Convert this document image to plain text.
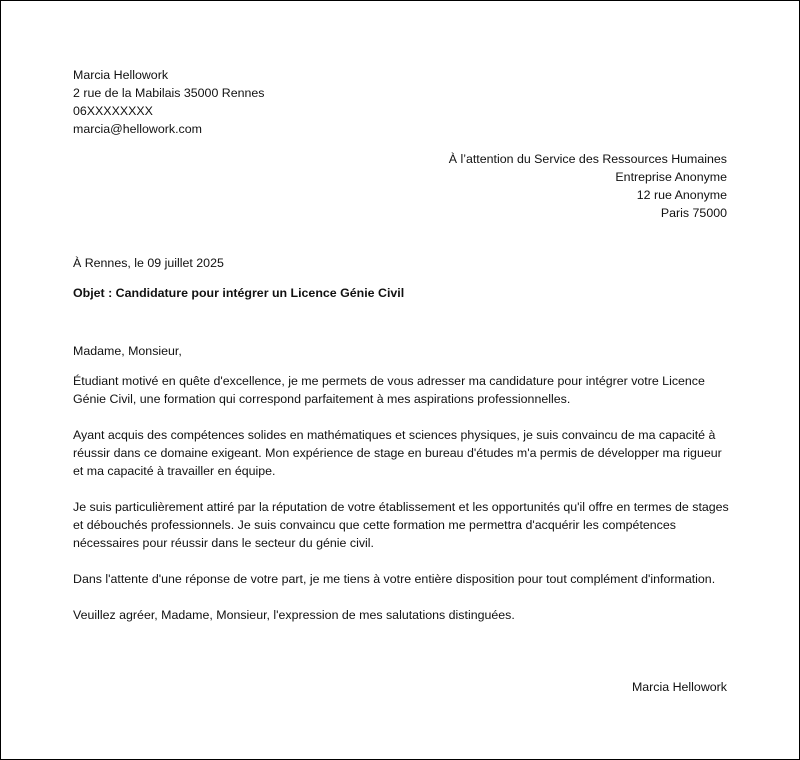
Marcia Hellowork
2 rue de la Mabilais 35000 Rennes
06XXXXXXXX
marcia@hellowork.com
À l’attention du Service des Ressources Humaines
Entreprise Anonyme
12 rue Anonyme
Paris 75000
À Rennes, le 09 juillet 2025
Objet : Candidature pour intégrer un Licence Génie Civil
Madame, Monsieur,

Étudiant motivé en quête d'excellence, je me permets de vous adresser ma candidature pour intégrer votre Licence Génie Civil, une formation qui correspond parfaitement à mes aspirations professionnelles.

Ayant acquis des compétences solides en mathématiques et sciences physiques, je suis convaincu de ma capacité à réussir dans ce domaine exigeant. Mon expérience de stage en bureau d'études m'a permis de développer ma rigueur et ma capacité à travailler en équipe.

Je suis particulièrement attiré par la réputation de votre établissement et les opportunités qu'il offre en termes de stages et débouchés professionnels. Je suis convaincu que cette formation me permettra d'acquérir les compétences nécessaires pour réussir dans le secteur du génie civil.

Dans l'attente d'une réponse de votre part, je me tiens à votre entière disposition pour tout complément d'information.

Veuillez agréer, Madame, Monsieur, l'expression de mes salutations distinguées.

Marcia Hellowork
